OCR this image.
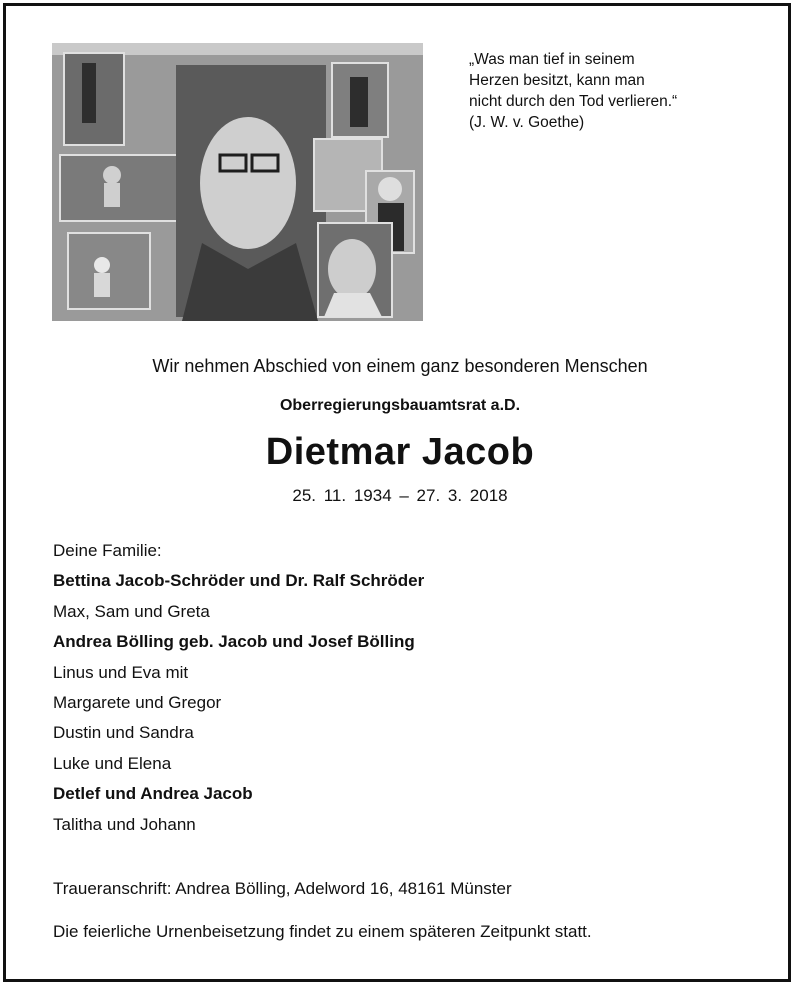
„Was man tief in seinem
Herzen besitzt, kann man
nicht durch den Tod verlieren.“
(J. W. v. Goethe)
Wir nehmen Abschied von einem ganz besonderen Menschen
Oberregierungsbauamtsrat a.D.
Dietmar Jacob
25. 11. 1934 – 27. 3. 2018
Deine Familie:
Bettina Jacob-Schröder und Dr. Ralf Schröder
Max, Sam und Greta
Andrea Bölling geb. Jacob und Josef Bölling
Linus und Eva mit
Margarete und Gregor
Dustin und Sandra
Luke und Elena
Detlef und Andrea Jacob
Talitha und Johann
Traueranschrift: Andrea Bölling, Adelword 16, 48161 Münster
Die feierliche Urnenbeisetzung findet zu einem späteren Zeitpunkt statt.
